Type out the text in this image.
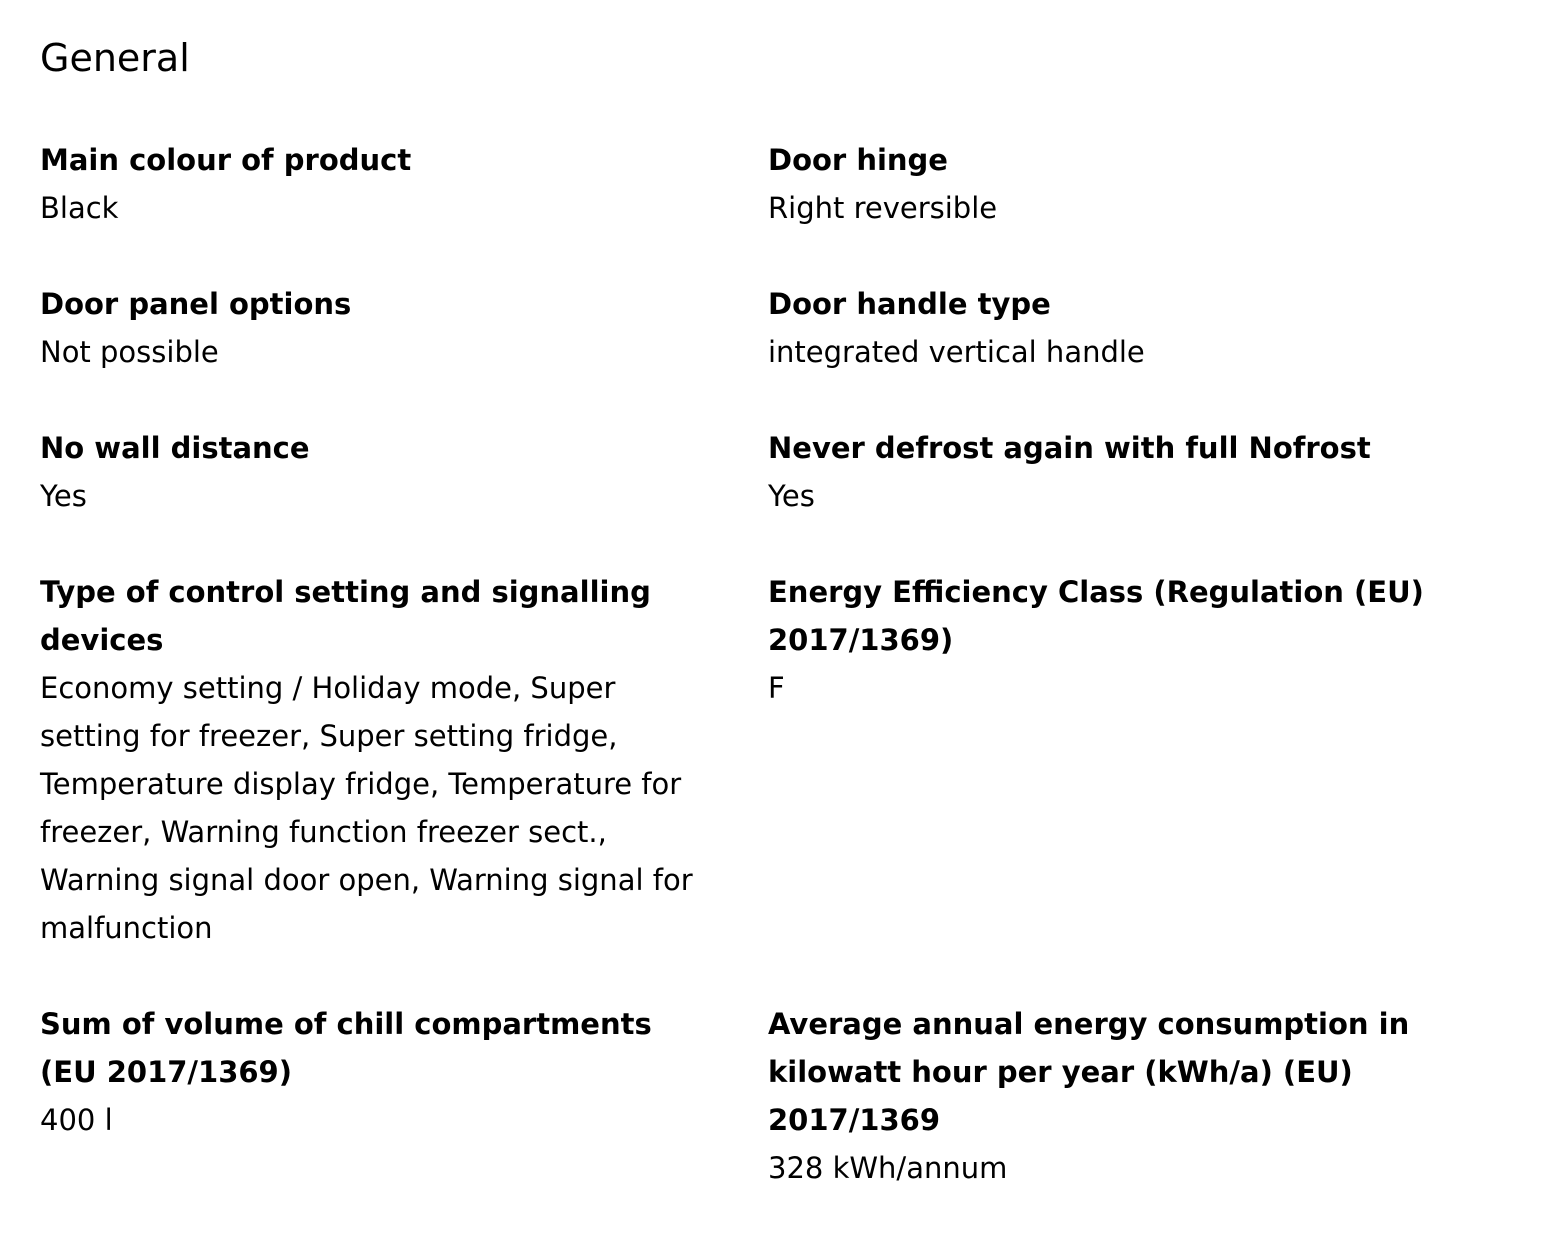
General
Main colour of product
Black
Door hinge
Right reversible
Door panel options
Not possible
Door handle type
integrated vertical handle
No wall distance
Yes
Never defrost again with full Nofrost
Yes
Type of control setting and signalling devices
Economy setting / Holiday mode, Super setting for freezer, Super setting fridge, Temperature display fridge, Temperature for freezer, Warning function freezer sect., Warning signal door open, Warning signal for malfunction
Energy Efficiency Class (Regulation (EU) 2017/1369)
F
Sum of volume of chill compartments (EU 2017/1369)
400 l
Average annual energy consumption in kilowatt hour per year (kWh/a) (EU) 2017/1369
328 kWh/annum
